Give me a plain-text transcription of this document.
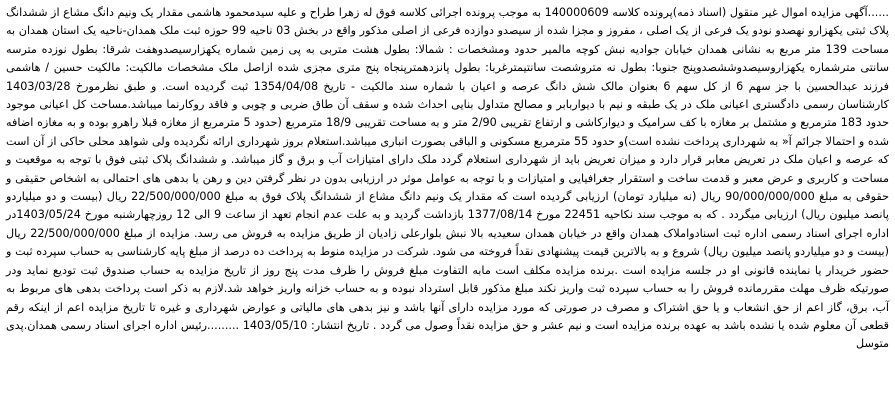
......آگهی مزایده اموال غیر منقول (اسناد ذمه)پرونده کلاسه 140000609 به موجب پرونده اجرائی کلاسه فوق له زهرا طراح و علیه سیدمحمود هاشمی مقدار یک ونیم دانگ مشاع از ششدانگ پلاک ثبتی یکهزارو نهصدو نودو یک فرعی از یک اصلی ، مفروز و مجزا شده از سیصدو دوازده فرعی از اصلی مذکور واقع در بخش 03 ناحیه 99 حوزه ثبت ملک همدان-ناحیه یک استان همدان به مساحت 139 متر مربع به نشانی همدان خیابان جوادیه نبش کوچه مالمیر حدود ومشخصات : شمالا: بطول هشت متربی به پی زمین شماره یکهزارسیصدوهفت شرقا: بطول نوزده مترسه سانتی مترشماره یکهزاروسیصدوششصدوپنج جنوبا: بطول نه متروشصت سانتیمترغربا: بطول پانزدهمترپنجاه پنج متری مجزی شده ازاصل ملک مشخصات مالکیت: مالکیت حسین / هاشمی فرزند عبدالحسین با جز سهم 6 از کل سهم 6 بعنوان مالک شش دانگ عرصه و اعیان با شماره سند مالکیت - تاریخ 1354/04/08 ثبت گردیده است. و طبق نظرمورخ 1403/03/28 کارشناسان رسمی دادگستری اعیانی ملک در یک طبقه و نیم با دیواربابر و مصالح متداول بنایی احداث شده و سقف آن طاق ضربی و چوبی و فاقد روکارنما میباشد.مساحت کل اعیانی موجود حدود 183 مترمربع و مشتمل بر مغازه با کف سرامیک و دیوارکاشی و ارتفاع تقریبی 2/90 متر و به مساحت تقریبی 18/9 مترمربع (حدود 5 مترمربع از مغازه قبلا راهرو بوده و به مغازه اضافه شده و احتمالا جرائم آ« به شهرداری پرداخت نشده است)و حدود 55 مترمربع مسکونی و الباقی بصورت انباری میباشد.استعلام بروز شهرداری ارائه نگردیده ولی شواهد محلی حاکی از آن است که عرصه و اعیان ملک در تعریض معابر قرار دارد و میزان تعریض باید از شهرداری استعلام گردد ملک دارای امتیازات آب و برق و گاز میباشد. و ششدانگ پلاک ثبتی فوق با توجه به موقعیت و مساحت و کاربری و عرض معبر و قدمت ساخت و استقرار جغرافیایی و امتیازات و با توجه به عوامل موثر در ارزیابی بدون در نظر گرفتن دین و رهن یا بدهی های احتمالی به اشخاص حقیقی و حقوقی به مبلغ 90/000/000/000 ریال (نه میلیارد تومان) ارزیابی گردیده است که مقدار یک ونیم دانگ مشاع از ششدانگ پلاک فوق به مبلغ 22/500/000/000 ریال (بیست و دو میلیاردو پانصد میلیون ریال) ارزیابی میگردد . که به موجب سند نکاحیه 22451 مورخ 1377/08/14 بازداشت گردید و به علت عدم انجام تعهد از ساعت 9 الی 12 روزچهارشنبه مورخ 1403/05/24در اداره اجرای اسناد رسمی اداره ثبت اسنادواملاک همدان واقع در خیابان همدان سعیدیه بالا نبش بلوارعلی زادیان از طریق مزایده به فروش می رسد. مزایده از مبلغ 22/500/000/000 ریال (بیست و دو میلیاردو پانصد میلیون ریال) شروع و به بالاترین قیمت پیشنهادی نقداً فروخته می شود. شرکت در مزایده منوط به پرداخت ده درصد از مبلغ پایه کارشناسی به حساب سپرده ثبت و حضور خریدار یا نماینده قانونی او در جلسه مزایده است .برنده مزایده مکلف است مابه التفاوت مبلغ فروش را ظرف مدت پنج روز از تاریخ مزایده به حساب صندوق ثبت تودیع نماید ودر صورتیکه ظرف مهلت مقررمانده فروش را به حساب سپرده ثبت واریز نکند مبلغ مذکور قابل استرداد نبوده و به حساب خزانه واریز خواهد شد.لازم به ذکر است پرداخت بدهی های مربوط به آب، برق، گاز اعم از حق انشعاب و یا حق اشتراک و مصرف در صورتی که مورد مزایده دارای آنها باشد و نیز بدهی های مالیاتی و عوارض شهرداری و غیره تا تاریخ مزایده اعم از اینکه رقم قطعی آن معلوم شده یا نشده باشد به عهده برنده مزایده است و نیم عشر و حق مزایده نقداً وصول می گردد . تاریخ انتشار: 1403/05/10 .........رئیس اداره اجرای اسناد رسمی همدان.پدی متوسل
